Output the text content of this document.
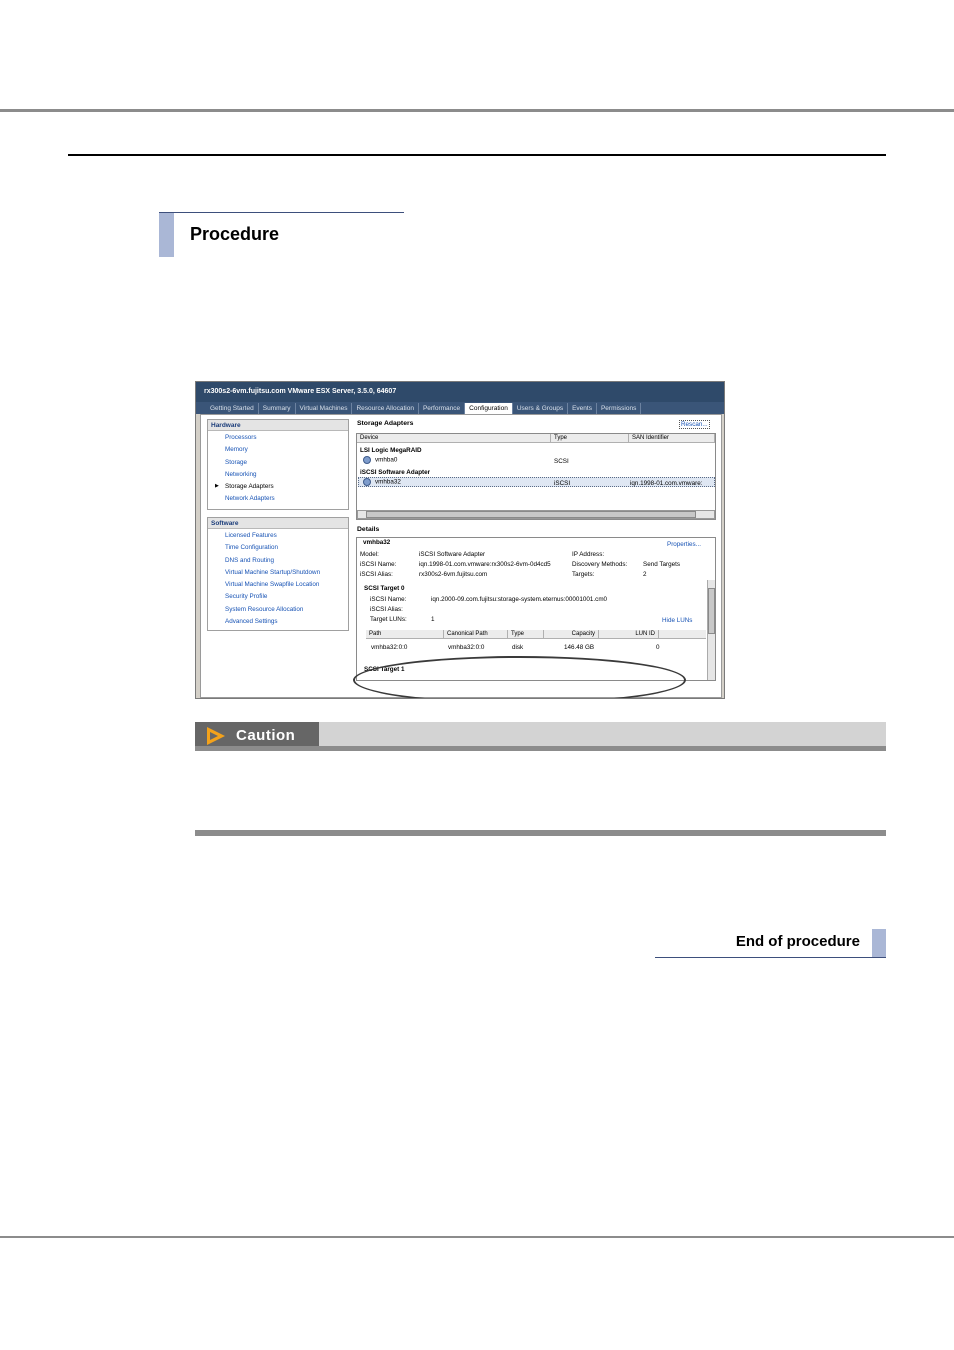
Procedure
rx300s2-6vm.fujitsu.com VMware ESX Server, 3.5.0, 64607
Getting Started	Summary	Virtual Machines	Resource Allocation	Performance	Configuration	Users & Groups	Events	Permissions
Hardware
Processors
Memory
Storage
Networking
▶ Storage Adapters
Network Adapters
Software
Licensed Features
Time Configuration
DNS and Routing
Virtual Machine Startup/Shutdown
Virtual Machine Swapfile Location
Security Profile
System Resource Allocation
Advanced Settings
Storage Adapters	Rescan...
Device	Type	SAN Identifier
LSI Logic MegaRAID
vmhba0	SCSI
iSCSI Software Adapter
vmhba32	iSCSI	iqn.1998-01.com.vmware:
Details
vmhba32	Properties...
Model:	iSCSI Software Adapter	IP Address:
iSCSI Name:	iqn.1998-01.com.vmware:rx300s2-6vm-0d4cd5	Discovery Methods: Send Targets
iSCSI Alias:	rx300s2-6vm.fujitsu.com	Targets:	2
SCSI Target 0
iSCSI Name:	iqn.2000-09.com.fujitsu:storage-system.eternus:00001001.cm0
iSCSI Alias:
Target LUNs:	1	Hide LUNs
Path	Canonical Path	Type	Capacity	LUN ID
vmhba32:0:0	vmhba32:0:0	disk	146.48 GB	0
SCSI Target 1
Caution
End of procedure
